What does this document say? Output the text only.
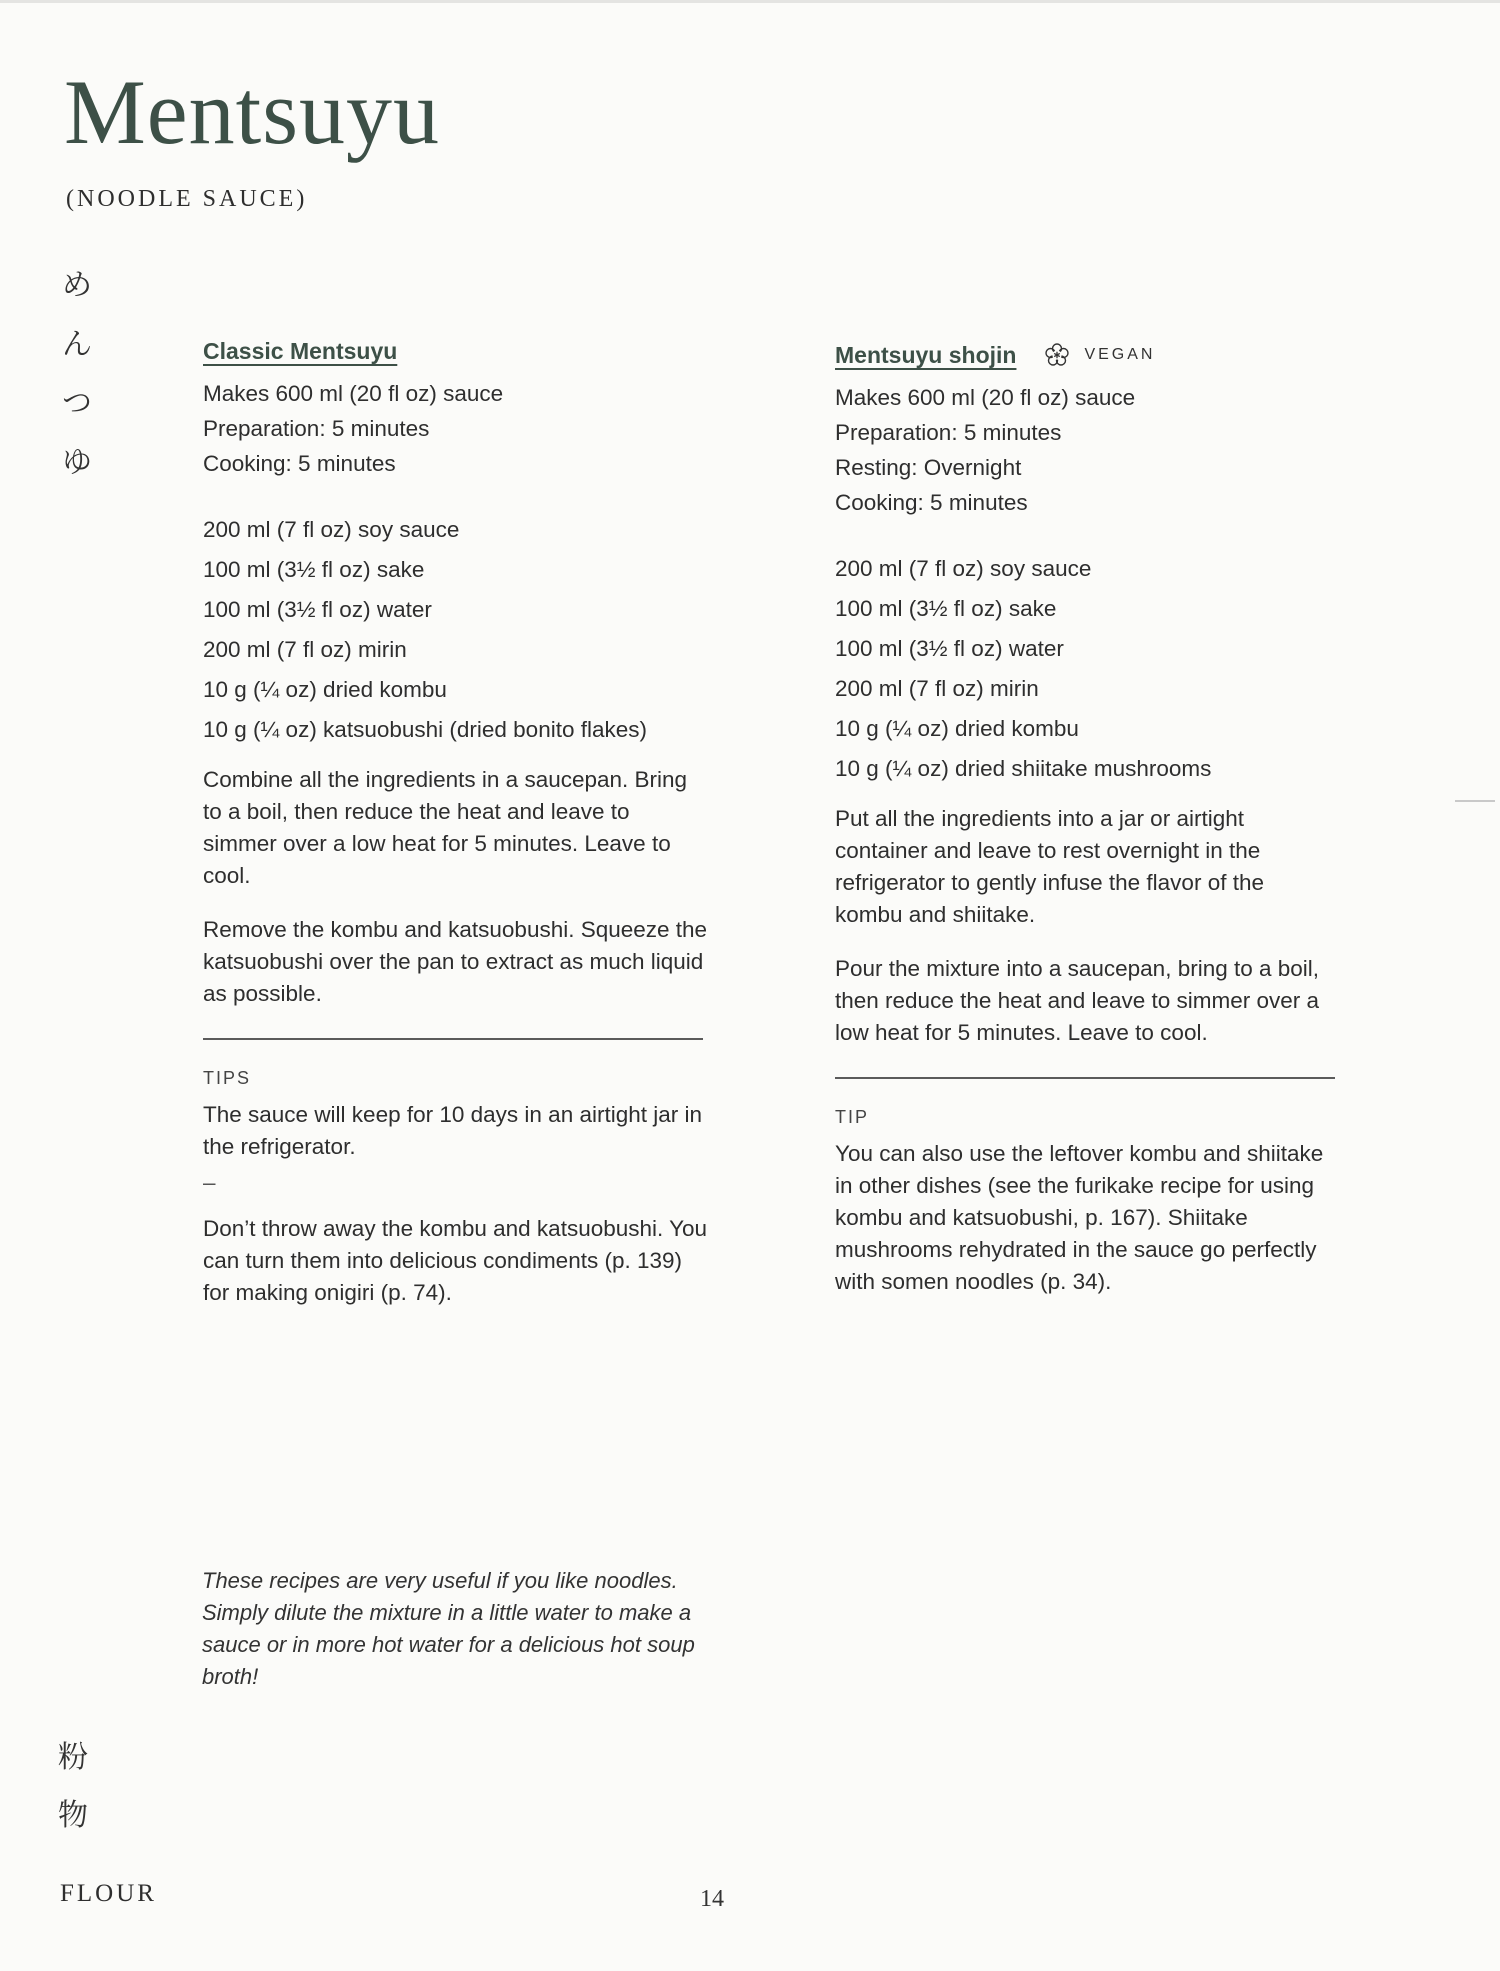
Mentsuyu
(NOODLE SAUCE)
め
ん
つ
ゆ
Classic Mentsuyu
Makes 600 ml (20 fl oz) sauce
Preparation: 5 minutes
Cooking: 5 minutes
200 ml (7 fl oz) soy sauce
100 ml (3½ fl oz) sake
100 ml (3½ fl oz) water
200 ml (7 fl oz) mirin
10 g (¼ oz) dried kombu
10 g (¼ oz) katsuobushi (dried bonito flakes)

Combine all the ingredients in a saucepan. Bring to a boil, then reduce the heat and leave to simmer over a low heat for 5 minutes. Leave to cool.

Remove the kombu and katsuobushi. Squeeze the katsuobushi over the pan to extract as much liquid as possible.

TIPS

The sauce will keep for 10 days in an airtight jar in the refrigerator.

–

Don’t throw away the kombu and katsuobushi. You can turn them into delicious condiments (p. 139) for making onigiri (p. 74).

Mentsuyu shojin	VEGAN
Makes 600 ml (20 fl oz) sauce
Preparation: 5 minutes
Resting: Overnight
Cooking: 5 minutes
200 ml (7 fl oz) soy sauce
100 ml (3½ fl oz) sake
100 ml (3½ fl oz) water
200 ml (7 fl oz) mirin
10 g (¼ oz) dried kombu
10 g (¼ oz) dried shiitake mushrooms

Put all the ingredients into a jar or airtight container and leave to rest overnight in the refrigerator to gently infuse the flavor of the kombu and shiitake.

Pour the mixture into a saucepan, bring to a boil, then reduce the heat and leave to simmer over a low heat for 5 minutes. Leave to cool.

TIP

You can also use the leftover kombu and shiitake in other dishes (see the furikake recipe for using kombu and katsuobushi, p. 167). Shiitake mushrooms rehydrated in the sauce go perfectly with somen noodles (p. 34).

These recipes are very useful if you like noodles. Simply dilute the mixture in a little water to make a sauce or in more hot water for a delicious hot soup broth!
粉
物
FLOUR	14
